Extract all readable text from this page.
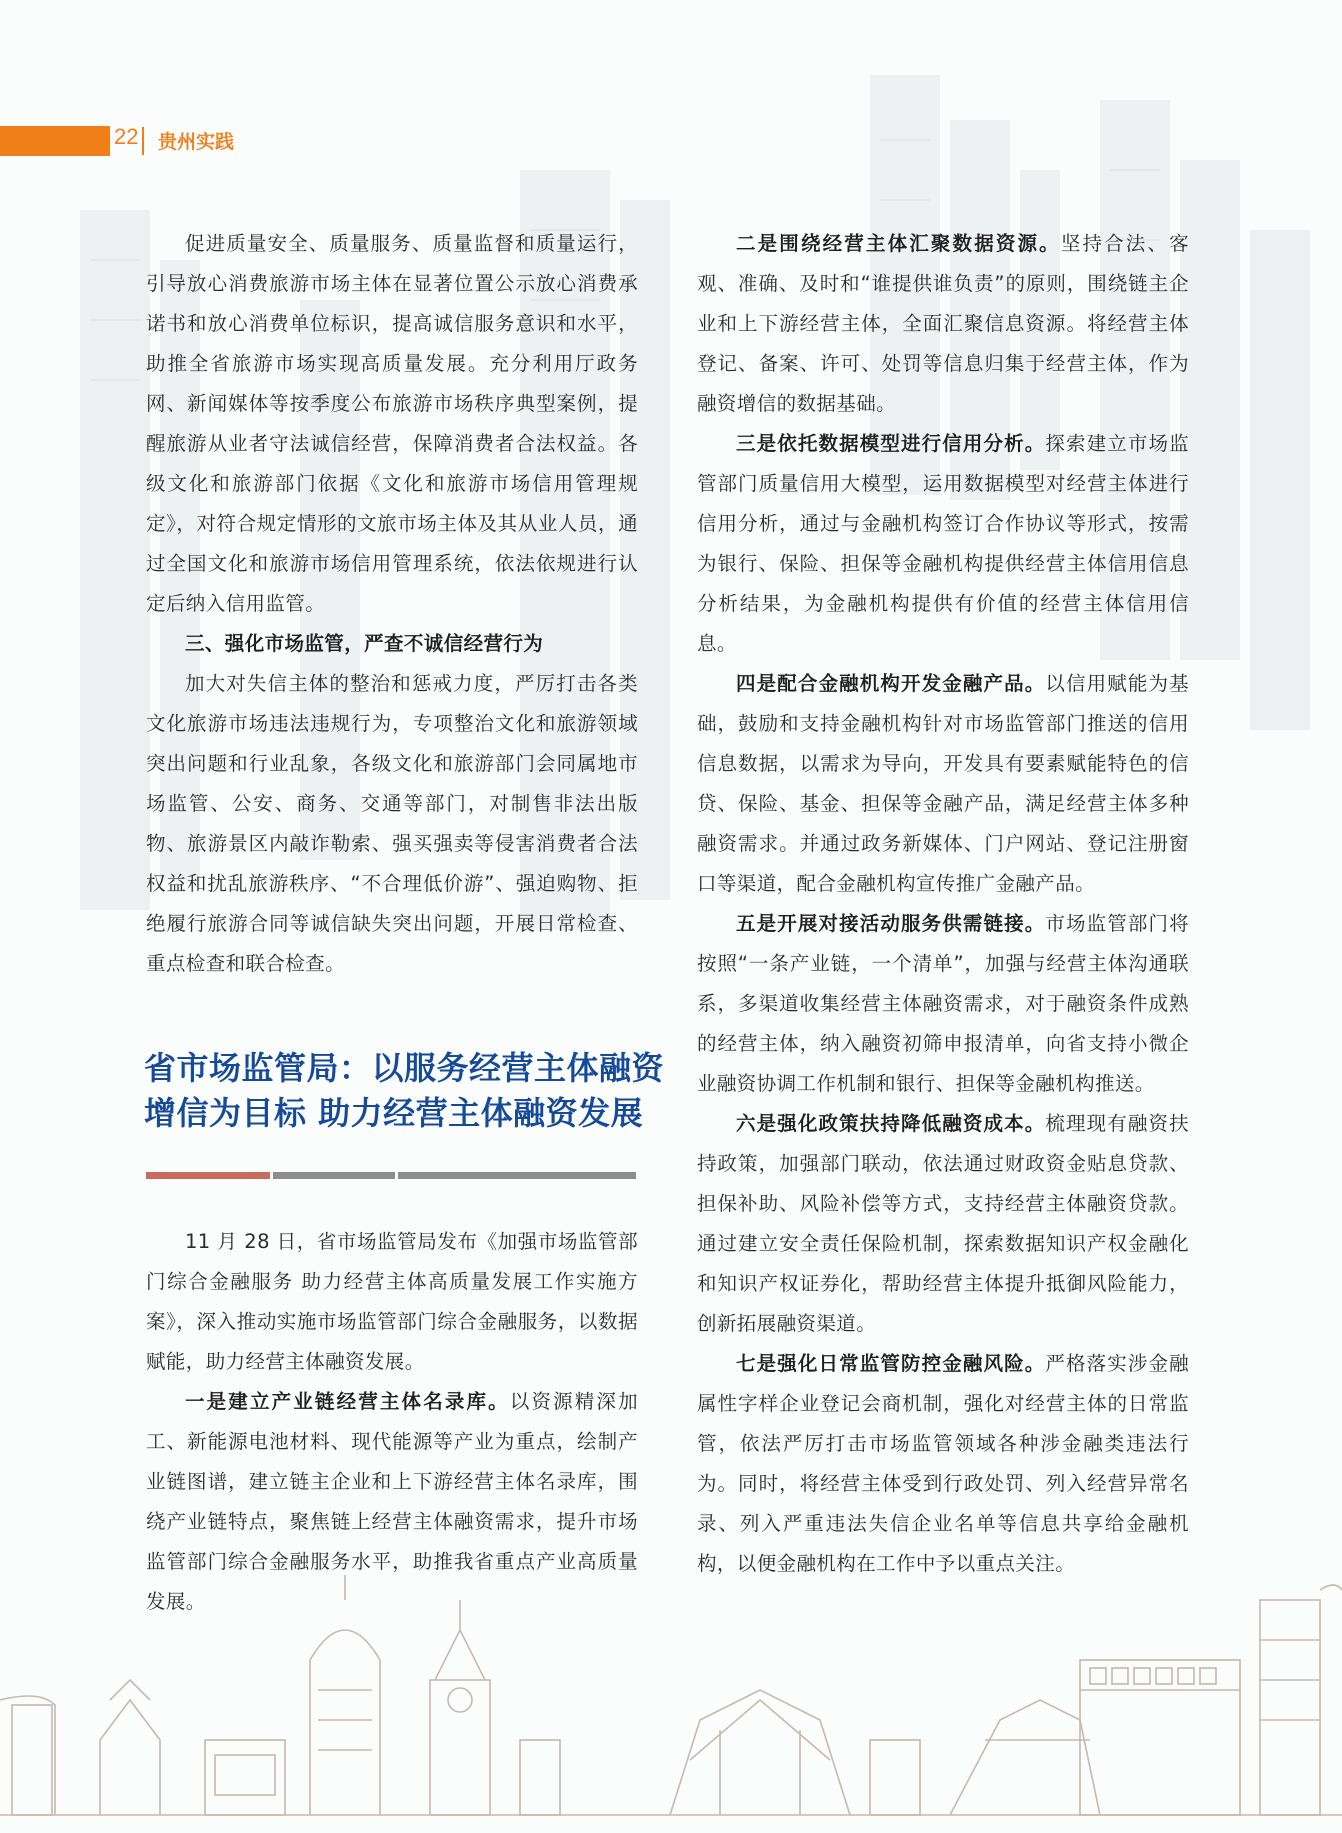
22 贵州实践

促进质量安全、质量服务、质量监督和质量运行，引导放心消费旅游市场主体在显著位置公示放心消费承诺书和放心消费单位标识，提高诚信服务意识和水平，助推全省旅游市场实现高质量发展。充分利用厅政务网、新闻媒体等按季度公布旅游市场秩序典型案例，提醒旅游从业者守法诚信经营，保障消费者合法权益。各级文化和旅游部门依据《文化和旅游市场信用管理规定》，对符合规定情形的文旅市场主体及其从业人员，通过全国文化和旅游市场信用管理系统，依法依规进行认定后纳入信用监管。

三、强化市场监管，严查不诚信经营行为

加大对失信主体的整治和惩戒力度，严厉打击各类文化旅游市场违法违规行为，专项整治文化和旅游领域突出问题和行业乱象，各级文化和旅游部门会同属地市场监管、公安、商务、交通等部门，对制售非法出版物、旅游景区内敲诈勒索、强买强卖等侵害消费者合法权益和扰乱旅游秩序、“不合理低价游”、强迫购物、拒绝履行旅游合同等诚信缺失突出问题，开展日常检查、重点检查和联合检查。

省市场监管局：以服务经营主体融资增信为目标 助力经营主体融资发展

11 月 28 日，省市场监管局发布《加强市场监管部门综合金融服务 助力经营主体高质量发展工作实施方案》，深入推动实施市场监管部门综合金融服务，以数据赋能，助力经营主体融资发展。

一是建立产业链经营主体名录库。以资源精深加工、新能源电池材料、现代能源等产业为重点，绘制产业链图谱，建立链主企业和上下游经营主体名录库，围绕产业链特点，聚焦链上经营主体融资需求，提升市场监管部门综合金融服务水平，助推我省重点产业高质量发展。

二是围绕经营主体汇聚数据资源。坚持合法、客观、准确、及时和“谁提供谁负责”的原则，围绕链主企业和上下游经营主体，全面汇聚信息资源。将经营主体登记、备案、许可、处罚等信息归集于经营主体，作为融资增信的数据基础。

三是依托数据模型进行信用分析。探索建立市场监管部门质量信用大模型，运用数据模型对经营主体进行信用分析，通过与金融机构签订合作协议等形式，按需为银行、保险、担保等金融机构提供经营主体信用信息分析结果，为金融机构提供有价值的经营主体信用信息。

四是配合金融机构开发金融产品。以信用赋能为基础，鼓励和支持金融机构针对市场监管部门推送的信用信息数据，以需求为导向，开发具有要素赋能特色的信贷、保险、基金、担保等金融产品，满足经营主体多种融资需求。并通过政务新媒体、门户网站、登记注册窗口等渠道，配合金融机构宣传推广金融产品。

五是开展对接活动服务供需链接。市场监管部门将按照“一条产业链，一个清单”，加强与经营主体沟通联系，多渠道收集经营主体融资需求，对于融资条件成熟的经营主体，纳入融资初筛申报清单，向省支持小微企业融资协调工作机制和银行、担保等金融机构推送。

六是强化政策扶持降低融资成本。梳理现有融资扶持政策，加强部门联动，依法通过财政资金贴息贷款、担保补助、风险补偿等方式，支持经营主体融资贷款。通过建立安全责任保险机制，探索数据知识产权金融化和知识产权证券化，帮助经营主体提升抵御风险能力，创新拓展融资渠道。

七是强化日常监管防控金融风险。严格落实涉金融属性字样企业登记会商机制，强化对经营主体的日常监管，依法严厉打击市场监管领域各种涉金融类违法行为。同时，将经营主体受到行政处罚、列入经营异常名录、列入严重违法失信企业名单等信息共享给金融机构，以便金融机构在工作中予以重点关注。
